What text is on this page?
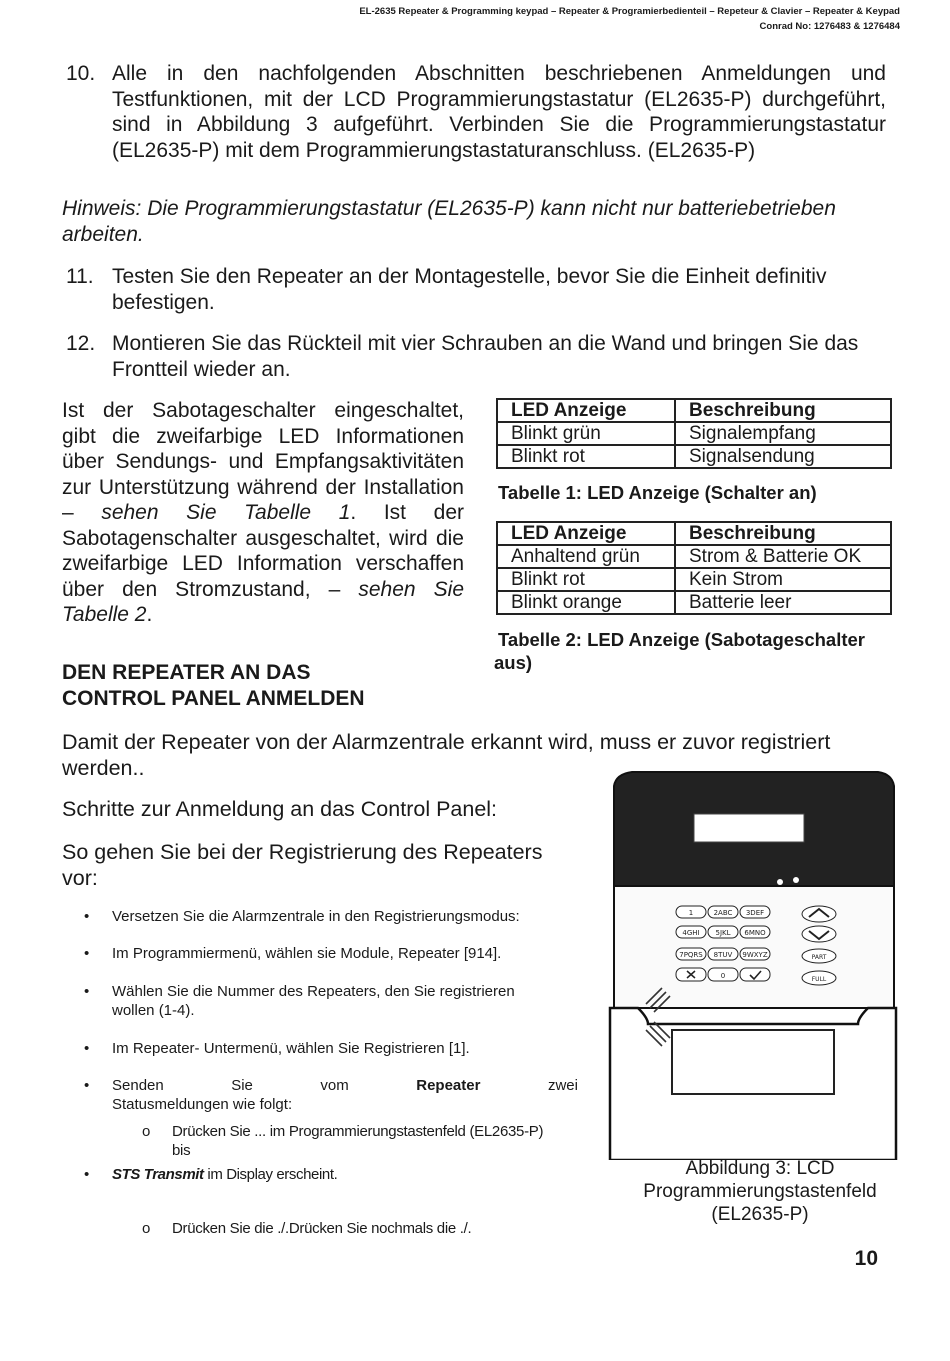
EL-2635 Repeater & Programming keypad – Repeater & Programierbedienteil – Repeteur & Clavier – Repeater & Keypad
Conrad No: 1276483 & 1276484
10. Alle in den nachfolgenden Abschnitten beschriebenen Anmeldungen und Testfunktionen, mit der LCD Programmierungstastatur (EL2635-P) durchgeführt, sind in Abbildung 3 aufgeführt. Verbinden Sie die Programmierungstastatur (EL2635-P) mit dem Programmierungstastaturanschluss. (EL2635-P)
Hinweis: Die Programmierungstastatur (EL2635-P) kann nicht nur batteriebetrieben arbeiten.
11. Testen Sie den Repeater an der Montagestelle, bevor Sie die Einheit definitiv befestigen.
12. Montieren Sie das Rückteil mit vier Schrauben an die Wand und bringen Sie das Frontteil wieder an.
Ist der Sabotageschalter eingeschaltet, gibt die zweifarbige LED Informationen über Sendungs- und Empfangsaktivitäten zur Unterstützung während der Installation – sehen Sie Tabelle 1. Ist der Sabotagenschalter ausgeschaltet, wird die zweifarbige LED Information verschaffen über den Stromzustand, – sehen Sie Tabelle 2.
LED Anzeige	Beschreibung
Blinkt grün	Signalempfang
Blinkt rot	Signalsendung
Tabelle 1: LED Anzeige (Schalter an)
LED Anzeige	Beschreibung
Anhaltend grün	Strom & Batterie OK
Blinkt rot	Kein Strom
Blinkt orange	Batterie leer
Tabelle 2: LED Anzeige (Sabotageschalter
aus)
DEN REPEATER AN DAS
CONTROL PANEL ANMELDEN
Damit der Repeater von der Alarmzentrale erkannt wird, muss er zuvor registriert
werden..
Schritte zur Anmeldung an das Control Panel:
So gehen Sie bei der Registrierung des Repeaters
vor:
• Versetzen Sie die Alarmzentrale in den Registrierungsmodus:
• Im Programmiermenü, wählen sie Module, Repeater [914].
• Wählen Sie die Nummer des Repeaters, den Sie registrieren
wollen (1-4).
• Im Repeater- Untermenü, wählen Sie Registrieren [1].
• Senden	Sie	vom	Repeater	zwei
Statusmeldungen wie folgt:
o Drücken Sie ... im Programmierungstastenfeld (EL2635-P)
bis
• STS Transmit im Display erscheint.
o Drücken Sie die ./.Drücken Sie nochmals die ./.
1	2ABC 3DEF
4GHI 5JKL 6MNO
7PQRS 8TUV 9WXYZ
0
PART
FULL
Abbildung 3: LCD
Programmierungstastenfeld
(EL2635-P)
10
